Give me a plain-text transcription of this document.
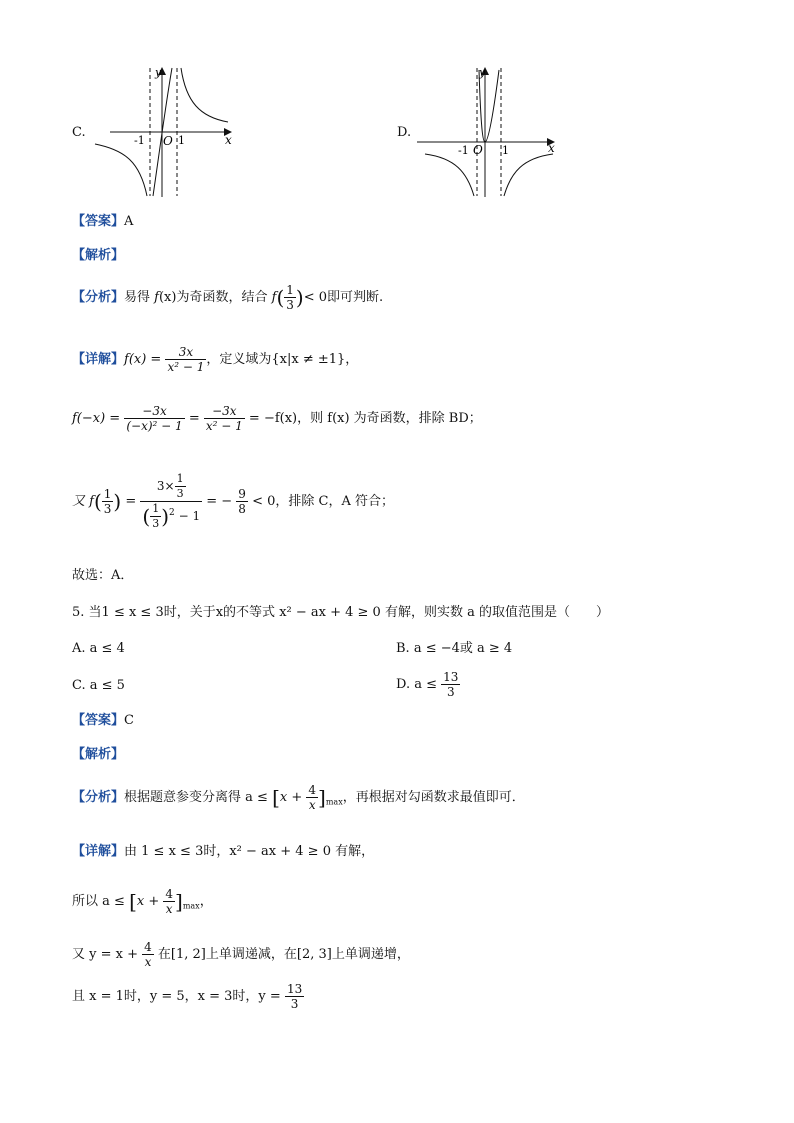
C.
y
x
-1 O 1
D.
y
x
-1 O 1
【答案】A
【解析】
【分析】易得 f(x)为奇函数，结合 $f( \frac{1}{3}$ )< 0即可判断.
【详解】$f(x) = \frac{3x}{\text{x² − 1}}$ ，定义域为{x|x ≠ ±1}，
$f(-x) = \frac{-3x}{\text{(−x)² − 1}} = \frac{-3x}{\text{x² − 1}} = -f(x)$，则 f(x) 为奇函数，排除 BD；
又 $f( \frac{1}{3}$ ) = $\frac{3\times \frac{1}{3}}{( \frac{1}{3} )^2 - 1}$ = − $\frac{9}{8} < 0$，排除 C，A 符合；
故选：A．
5. 当1 ≤ x ≤ 3时，关于x的不等式 x² − ax + 4 ≥ 0 有解，则实数 a 的取值范围是（　　）
A. a ≤ 4	B. a ≤ −4或 a ≥ 4
C. a ≤ 5	D. $a \le \frac{13}{3}$
【答案】C
【解析】
【分析】根据题意参变分离得 $a \le [x + \frac{4}{x} ]_{max}$，再根据对勾函数求最值即可．
【详解】由 1 ≤ x ≤ 3时，x² − ax + 4 ≥ 0 有解，
所以 $a \le [x + \frac{4}{x} ]_{max}$，
又 $y = x + \frac{4}{x}$ 在[1, 2]上单调递减，在[2, 3]上单调递增，
且 x = 1时，y = 5，x = 3时，$y = \frac{13}{3}$
